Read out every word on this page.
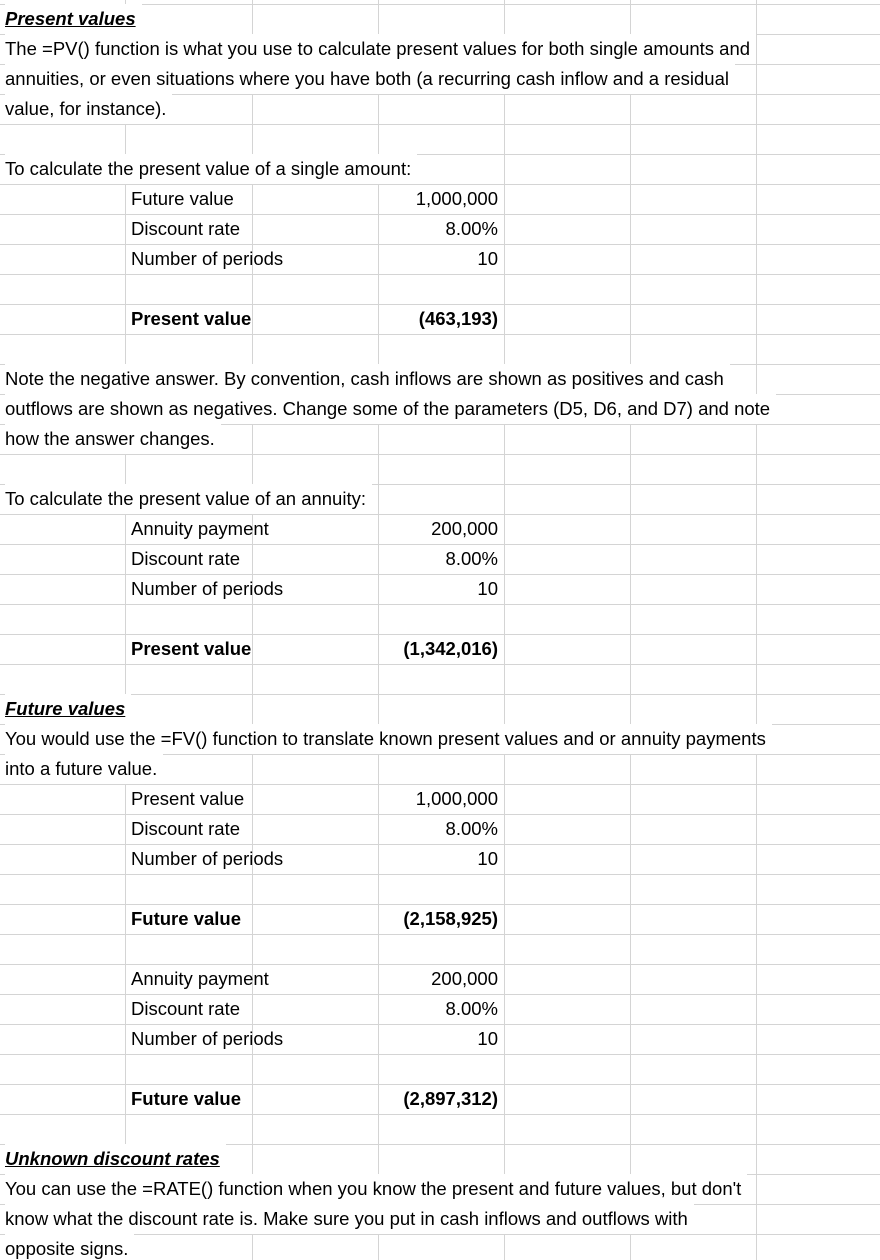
Present values
The =PV() function is what you use to calculate present values for both single amounts and
annuities, or even situations where you have both (a recurring cash inflow and a residual
value, for instance).
To calculate the present value of a single amount:
Future value	1,000,000
Discount rate	8.00%
Number of periods	10
Present value	(463,193)
Note the negative answer. By convention, cash inflows are shown as positives and cash
outflows are shown as negatives. Change some of the parameters (D5, D6, and D7) and note
how the answer changes.
To calculate the present value of an annuity:
Annuity payment	200,000
Discount rate	8.00%
Number of periods	10
Present value	(1,342,016)
Future values
You would use the =FV() function to translate known present values and or annuity payments
into a future value.
Present value	1,000,000
Discount rate	8.00%
Number of periods	10
Future value	(2,158,925)
Annuity payment	200,000
Discount rate	8.00%
Number of periods	10
Future value	(2,897,312)
Unknown discount rates
You can use the =RATE() function when you know the present and future values, but don't
know what the discount rate is. Make sure you put in cash inflows and outflows with
opposite signs.
